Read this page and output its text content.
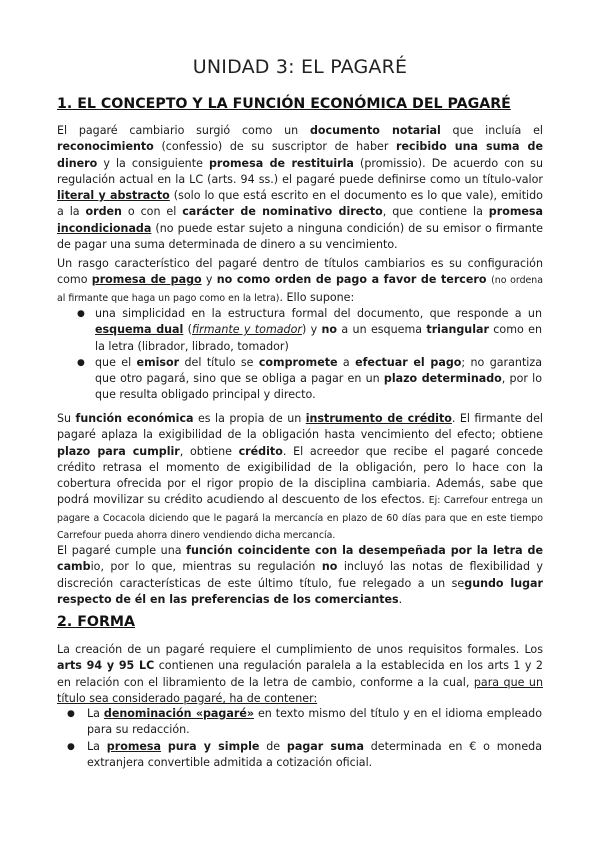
UNIDAD 3: EL PAGARÉ
1. EL CONCEPTO Y LA FUNCIÓN ECONÓMICA DEL PAGARÉ

El pagaré cambiario surgió como un documento notarial que incluía el reconocimiento (confessio) de su suscriptor de haber recibido una suma de dinero y la consiguiente promesa de restituirla (promissio). De acuerdo con su regulación actual en la LC (arts. 94 ss.) el pagaré puede definirse como un título-valor literal y abstracto (solo lo que está escrito en el documento es lo que vale), emitido a la orden o con el carácter de nominativo directo, que contiene la promesa incondicionada (no puede estar sujeto a ninguna condición) de su emisor o firmante de pagar una suma determinada de dinero a su vencimiento.

Un rasgo característico del pagaré dentro de títulos cambiarios es su configuración como promesa de pago y no como orden de pago a favor de tercero (no ordena al firmante que haga un pago como en la letra). Ello supone:

● una simplicidad en la estructura formal del documento, que responde a un esquema dual (firmante y tomador) y no a un esquema triangular como en la letra (librador, librado, tomador)
● que el emisor del título se compromete a efectuar el pago; no garantiza que otro pagará, sino que se obliga a pagar en un plazo determinado, por lo que resulta obligado principal y directo.

Su función económica es la propia de un instrumento de crédito. El firmante del pagaré aplaza la exigibilidad de la obligación hasta vencimiento del efecto; obtiene plazo para cumplir, obtiene crédito. El acreedor que recibe el pagaré concede crédito retrasa el momento de exigibilidad de la obligación, pero lo hace con la cobertura ofrecida por el rigor propio de la disciplina cambiaria. Además, sabe que podrá movilizar su crédito acudiendo al descuento de los efectos. Ej: Carrefour entrega un pagare a Cocacola diciendo que le pagará la mercancía en plazo de 60 días para que en este tiempo Carrefour pueda ahorra dinero vendiendo dicha mercancía.

El pagaré cumple una función coincidente con la desempeñada por la letra de cambio, por lo que, mientras su regulación no incluyó las notas de flexibilidad y discreción características de este último título, fue relegado a un segundo lugar respecto de él en las preferencias de los comerciantes.

2. FORMA

La creación de un pagaré requiere el cumplimiento de unos requisitos formales. Los arts 94 y 95 LC contienen una regulación paralela a la establecida en los arts 1 y 2 en relación con el libramiento de la letra de cambio, conforme a la cual, para que un título sea considerado pagaré, ha de contener:

● La denominación «pagaré» en texto mismo del título y en el idioma empleado para su redacción.
● La promesa pura y simple de pagar suma determinada en € o moneda extranjera convertible admitida a cotización oficial.
